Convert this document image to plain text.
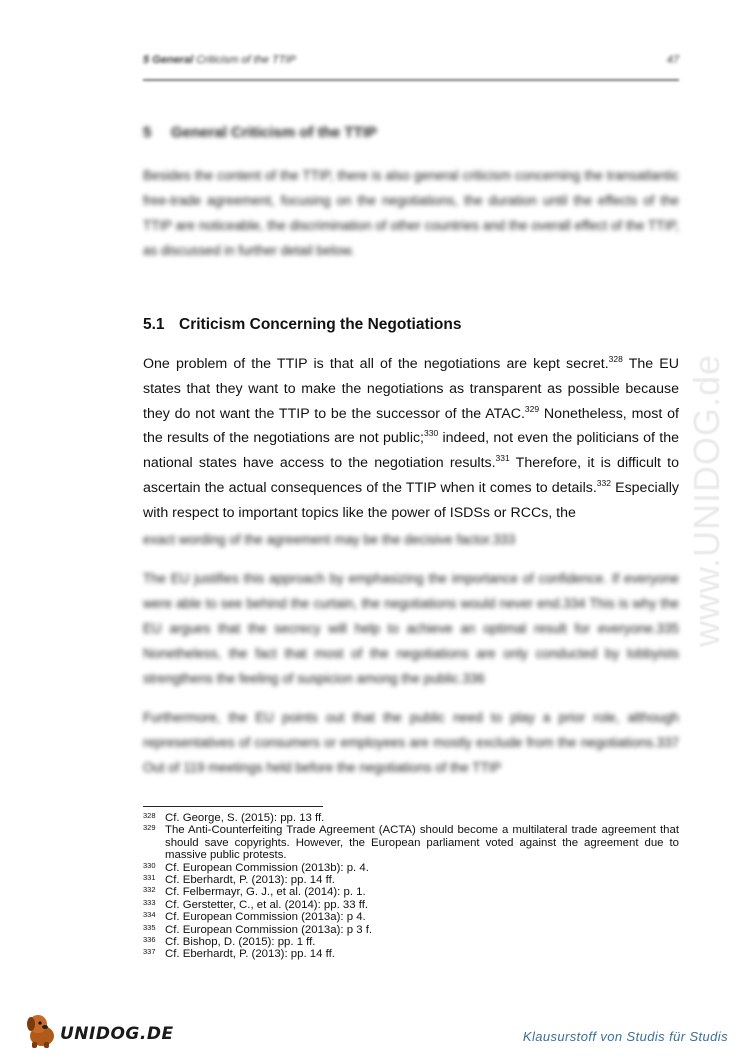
5 General Criticism of the TTIP	47
5 General Criticism of the TTIP
Besides the content of the TTIP, there is also general criticism concerning the transatlantic free-trade agreement, focusing on the negotiations, the duration until the effects of the TTIP are noticeable, the discrimination of other countries and the overall effect of the TTIP, as discussed in further detail below.
5.1 Criticism Concerning the Negotiations
One problem of the TTIP is that all of the negotiations are kept secret.$^{328}$ The EU states that they want to make the negotiations as transparent as possible because they do not want the TTIP to be the successor of the ATAC.$^{329}$ Nonetheless, most of the results of the negotiations are not public;$^{330}$ indeed, not even the politicians of the national states have access to the negotiation results.$^{331}$ Therefore, it is difficult to ascertain the actual consequences of the TTIP when it comes to details.$^{332}$ Especially with respect to important topics like the power of ISDSs or RCCs, the
exact wording of the agreement may be the decisive factor.333
The EU justifies this approach by emphasizing the importance of confidence. If everyone were able to see behind the curtain, the negotiations would never end.334 This is why the EU argues that the secrecy will help to achieve an optimal result for everyone.335 Nonetheless, the fact that most of the negotiations are only conducted by lobbyists strengthens the feeling of suspicion among the public.336
Furthermore, the EU points out that the public need to play a prior role, although representatives of consumers or employees are mostly exclude from the negotiations.337 Out of 119 meetings held before the negotiations of the TTIP
328 Cf. George, S. (2015): pp. 13 ff.
329 The Anti-Counterfeiting Trade Agreement (ACTA) should become a multilateral trade agreement that should save copyrights. However, the European parliament voted against the agreement due to massive public protests.
330 Cf. European Commission (2013b): p. 4.
331 Cf. Eberhardt, P. (2013): pp. 14 ff.
332 Cf. Felbermayr, G. J., et al. (2014): p. 1.
333 Cf. Gerstetter, C., et al. (2014): pp. 33 ff.
334 Cf. European Commission (2013a): p 4.
335 Cf. European Commission (2013a): p 3 f.
336 Cf. Bishop, D. (2015): pp. 1 ff.
337 Cf. Eberhardt, P. (2013): pp. 14 ff.
www.UNIDOG.de
UNIDOG.DE	Klausurstoff von Studis für Studis
